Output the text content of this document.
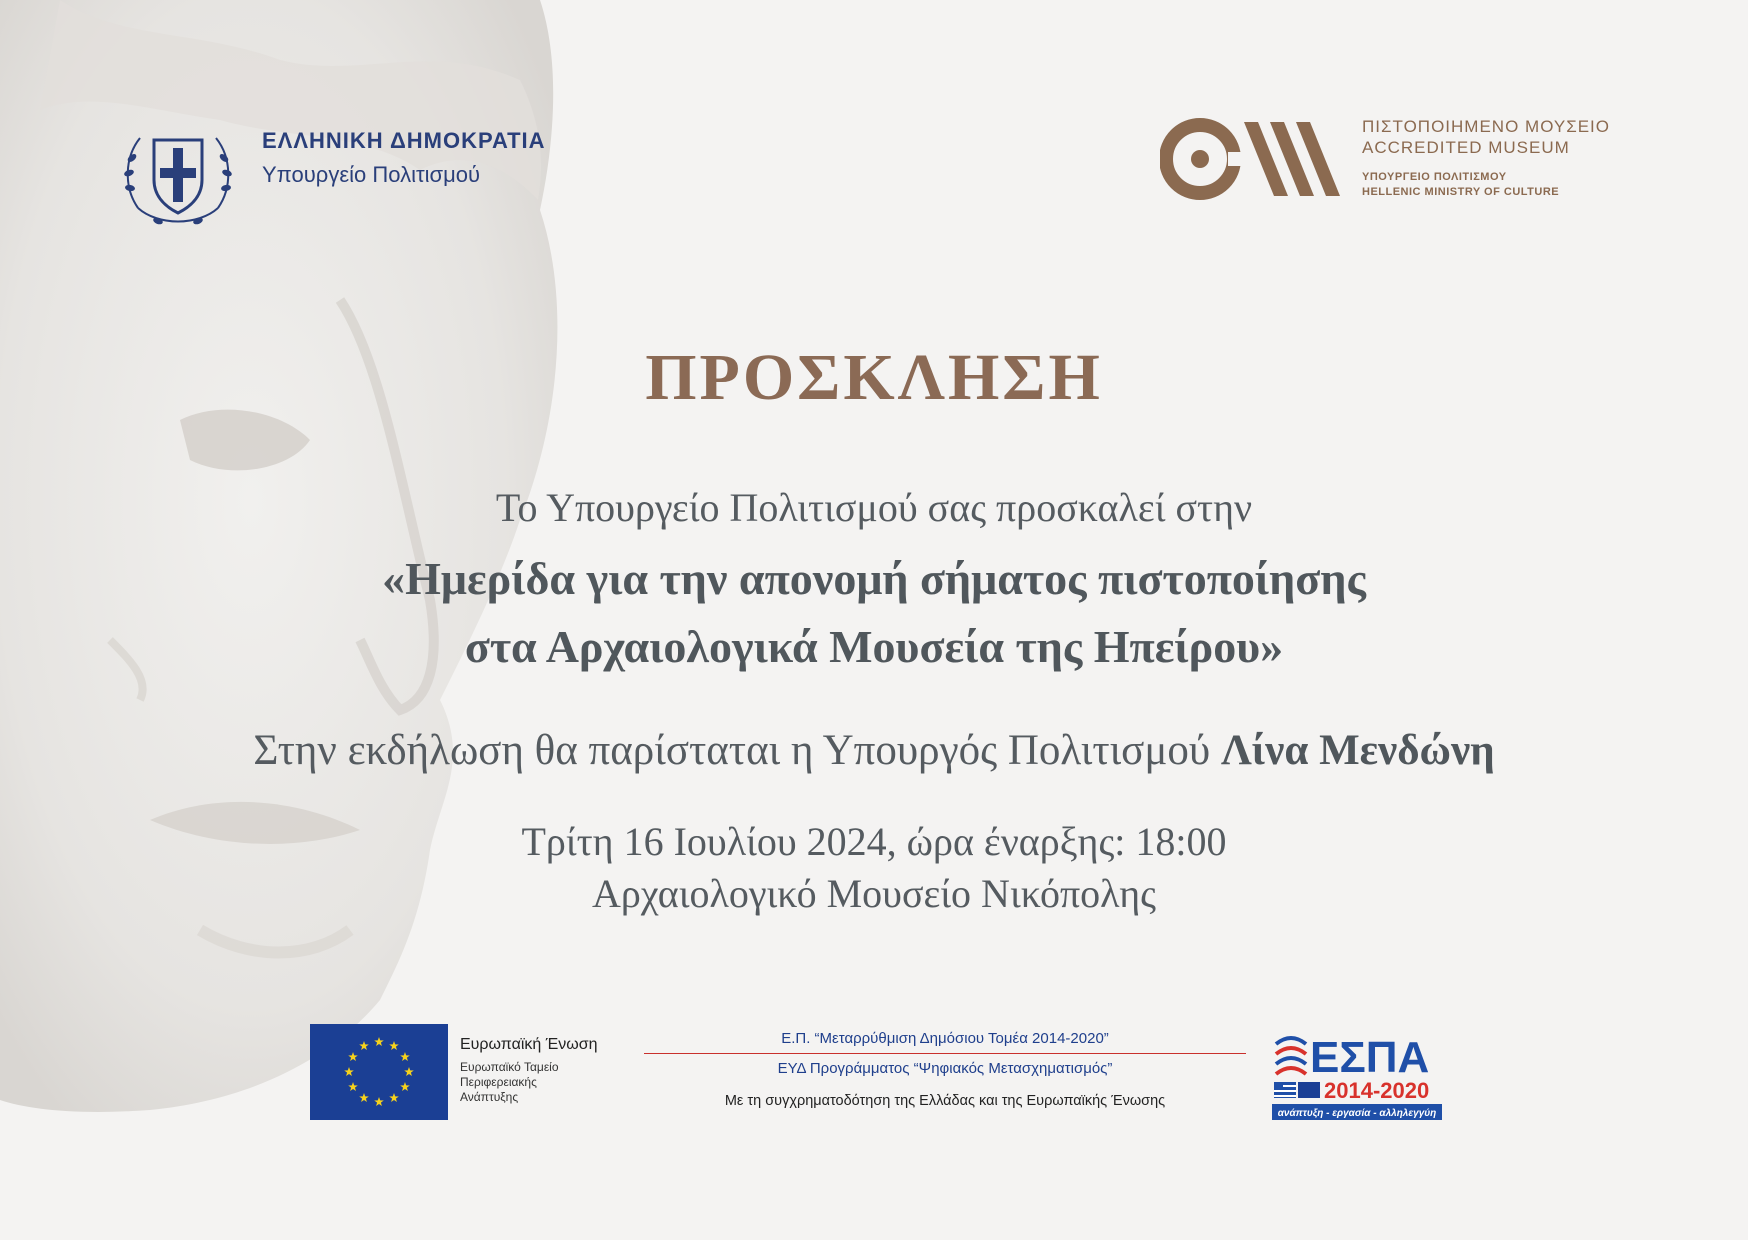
ΕΛΛΗΝΙΚΗ ΔΗΜΟΚΡΑΤΙΑ
Υπουργείο Πολιτισμού
ΠΙΣΤΟΠΟΙΗΜΕΝΟ ΜΟΥΣΕΙΟ
ACCREDITED MUSEUM
ΥΠΟΥΡΓΕΙΟ ΠΟΛΙΤΙΣΜΟΥ
HELLENIC MINISTRY OF CULTURE
ΠΡΟΣΚΛΗΣΗ
Το Υπουργείο Πολιτισμού σας προσκαλεί στην
«Ημερίδα για την απονομή σήματος πιστοποίησης
στα Αρχαιολογικά Μουσεία της Ηπείρου»
Στην εκδήλωση θα παρίσταται η Υπουργός Πολιτισμού Λίνα Μενδώνη
Τρίτη 16 Ιουλίου 2024, ώρα έναρξης: 18:00
Αρχαιολογικό Μουσείο Νικόπολης
Ευρωπαϊκή Ένωση
Ευρωπαϊκό Ταμείο
Περιφερειακής
Ανάπτυξης
Ε.Π. “Μεταρρύθμιση Δημόσιου Τομέα 2014-2020”
ΕΥΔ Προγράμματος “Ψηφιακός Μετασχηματισμός”
Με τη συγχρηματοδότηση της Ελλάδας και της Ευρωπαϊκής Ένωσης
ΕΣΠΑ
2014-2020
ανάπτυξη - εργασία - αλληλεγγύη
